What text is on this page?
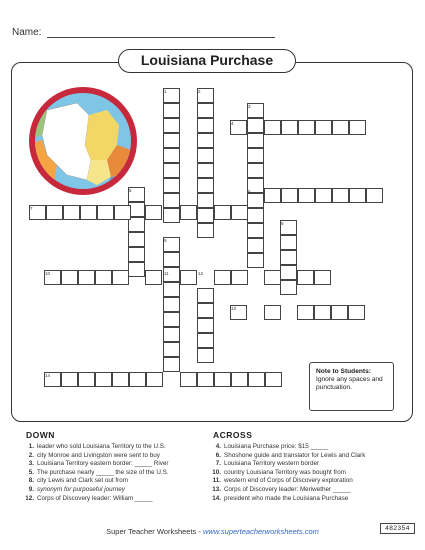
Name:
Louisiana Purchase
1	2
3
4
5	6
7
8
9
10	11	12
13
14
Note to Students:
Ignore any spaces and punctuation.
DOWN
1. leader who sold Louisiana Territory to the U.S.
2. city Monroe and Livingston were sent to buy
3. Louisiana Territory eastern border: _____ River
5. The purchase nearly _____ the size of the U.S.
8. city Lewis and Clark set out from
9. synonym for purposeful journey
12. Corps of Discovery leader: William _____
ACROSS
4. Louisiana Purchase price: $15 _____
6. Shoshone guide and translator for Lewis and Clark
7. Louisiana Territory western border
10. country Louisiana Territory was bought from
11. western end of Corps of Discovery exploration
13. Corps of Discovery leader: Meriwether _____
14. president who made the Louisiana Purchase
Super Teacher Worksheets - www.superteacherworksheets.com	482354
